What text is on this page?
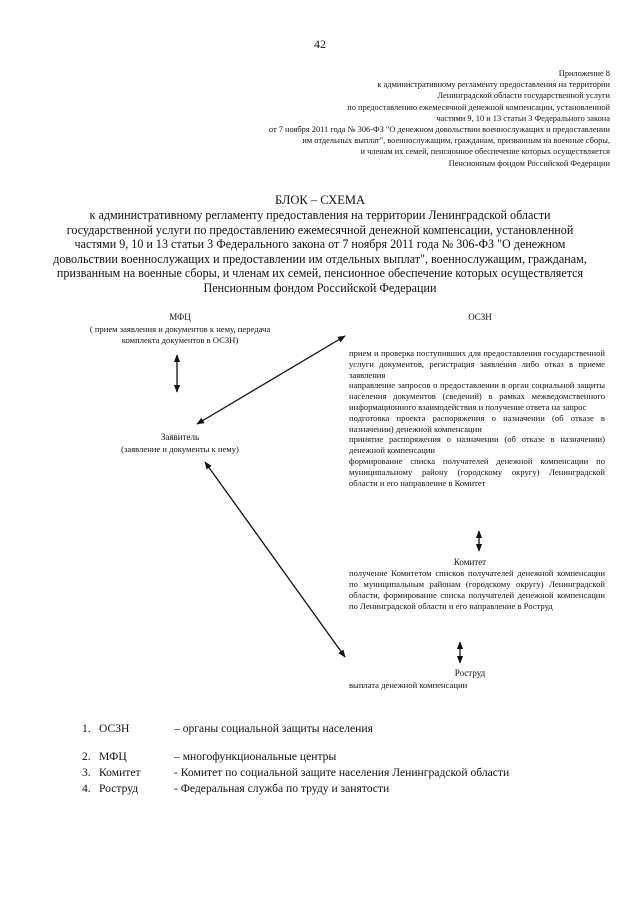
42
Приложение 8
к административному регламенту предоставления на территории
Ленинградской области государственной услуги
по предоставлению ежемесячной денежной компенсации, установленной
частями 9, 10 и 13 статьи 3 Федерального закона
от 7 ноября 2011 года № 306-ФЗ "О денежном довольствии военнослужащих и предоставлении
им отдельных выплат", военнослужащим, гражданам, призванным на военные сборы,
и членам их семей, пенсионное обеспечение которых осуществляется
Пенсионным фондом Российской Федерации
БЛОК – СХЕМА
к административному регламенту предоставления на территории Ленинградской области государственной услуги по предоставлению ежемесячной денежной компенсации, установленной частями 9, 10 и 13 статьи 3 Федерального закона от 7 ноября 2011 года № 306-ФЗ "О денежном довольствии военнослужащих и предоставлении им отдельных выплат", военнослужащим, гражданам, призванным на военные сборы, и членам их семей, пенсионное обеспечение которых осуществляется Пенсионным фондом Российской Федерации
МФЦ
( прием заявления и документов к нему, передача
комплекта документов в ОСЗН)
ОСЗН

прием и проверка поступивших для предоставления государственной услуги документов, регистрация заявления либо отказ в приеме заявления

направление запросов о предоставлении в орган социальной защиты населения документов (сведений) в рамках межведомственного информационного взаимодействия и получение ответа на запрос

подготовка проекта распоряжения о назначении (об отказе в назначении) денежной компенсации

принятие распоряжения о назначении (об отказе в назначении) денежной компенсации

формирование списка получателей денежной компенсации по муниципальному району (городскому округу) Ленинградской области и его направление в Комитет

Заявитель
(заявление и документы к нему)
Комитет
получение Комитетом списков получателей денежной компенсации по муниципальным районам (городскому округу) Ленинградской области, формирование списка получателей денежной компенсации по Ленинградской области и его направление в Роструд
Роструд
выплата денежной компенсации
1. ОСЗН	– органы социальной защиты населения
2. МФЦ	– многофункциональные центры
3. Комитет	- Комитет по социальной защите населения Ленинградской области
4. Роструд	- Федеральная служба по труду и занятости
